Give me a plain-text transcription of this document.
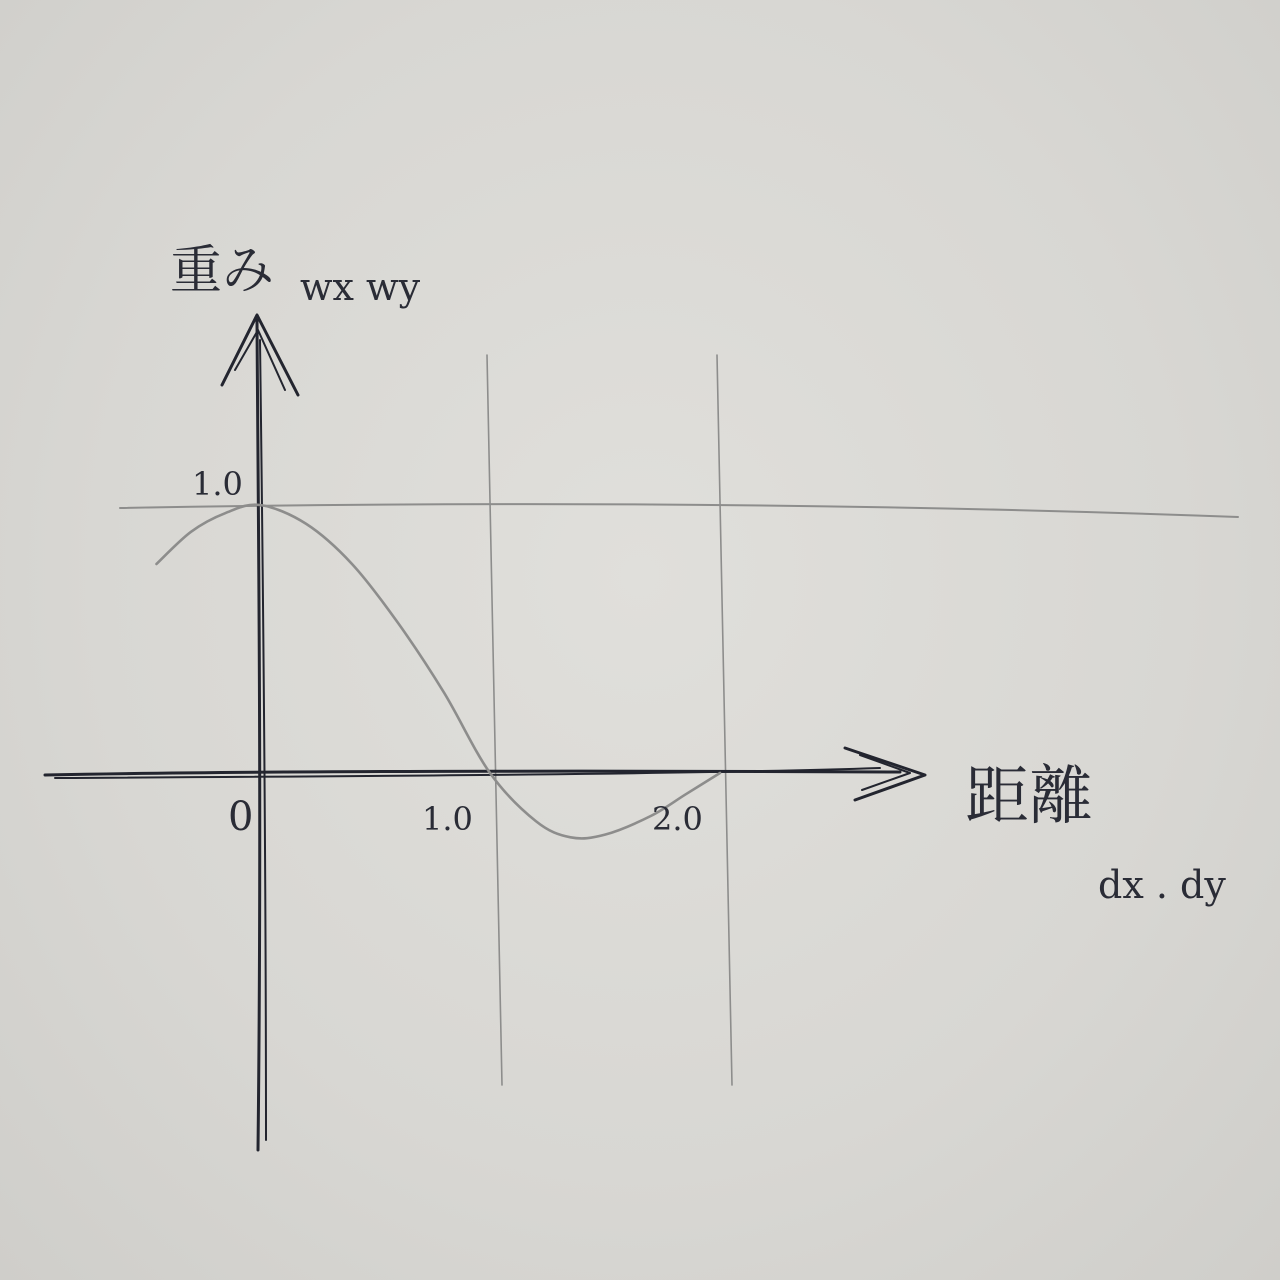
重み wx wy
距離
dx . dy
0	1.0	2.0
1.0
